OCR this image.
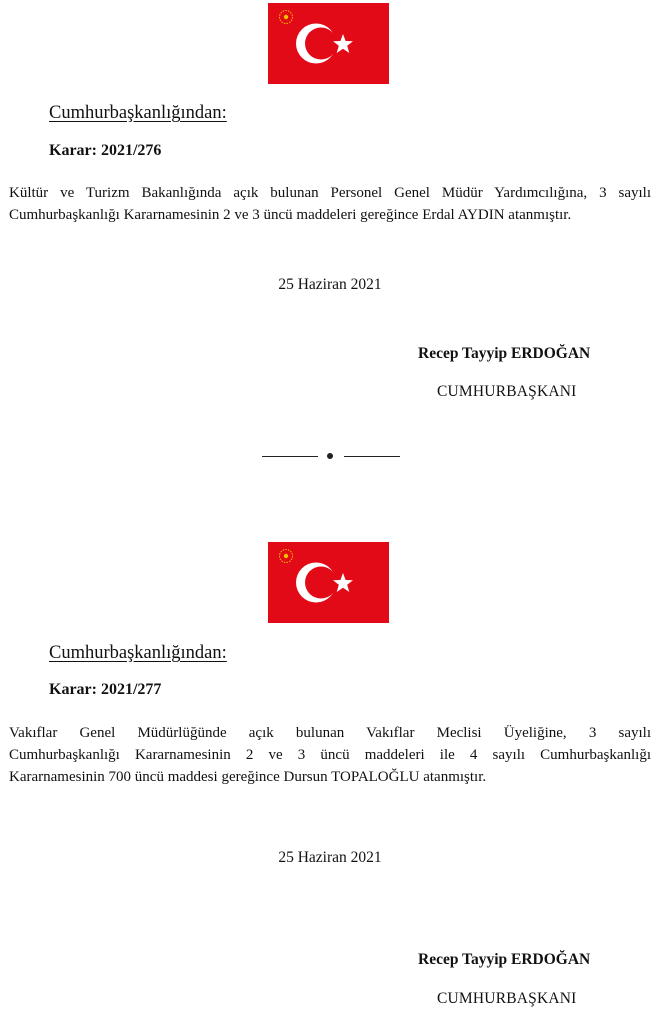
Cumhurbaşkanlığından:
Karar: 2021/276
Kültür ve Turizm Bakanlığında açık bulunan Personel Genel Müdür Yardımcılığına, 3 sayılı
Cumhurbaşkanlığı Kararnamesinin 2 ve 3 üncü maddeleri gereğince Erdal AYDIN atanmıştır.
25 Haziran 2021
Recep Tayyip ERDOĞAN
CUMHURBAŞKANI
Cumhurbaşkanlığından:
Karar: 2021/277
Vakıflar Genel Müdürlüğünde açık bulunan Vakıflar Meclisi Üyeliğine, 3 sayılı
Cumhurbaşkanlığı Kararnamesinin 2 ve 3 üncü maddeleri ile 4 sayılı Cumhurbaşkanlığı
Kararnamesinin 700 üncü maddesi gereğince Dursun TOPALOĞLU atanmıştır.
25 Haziran 2021
Recep Tayyip ERDOĞAN
CUMHURBAŞKANI
